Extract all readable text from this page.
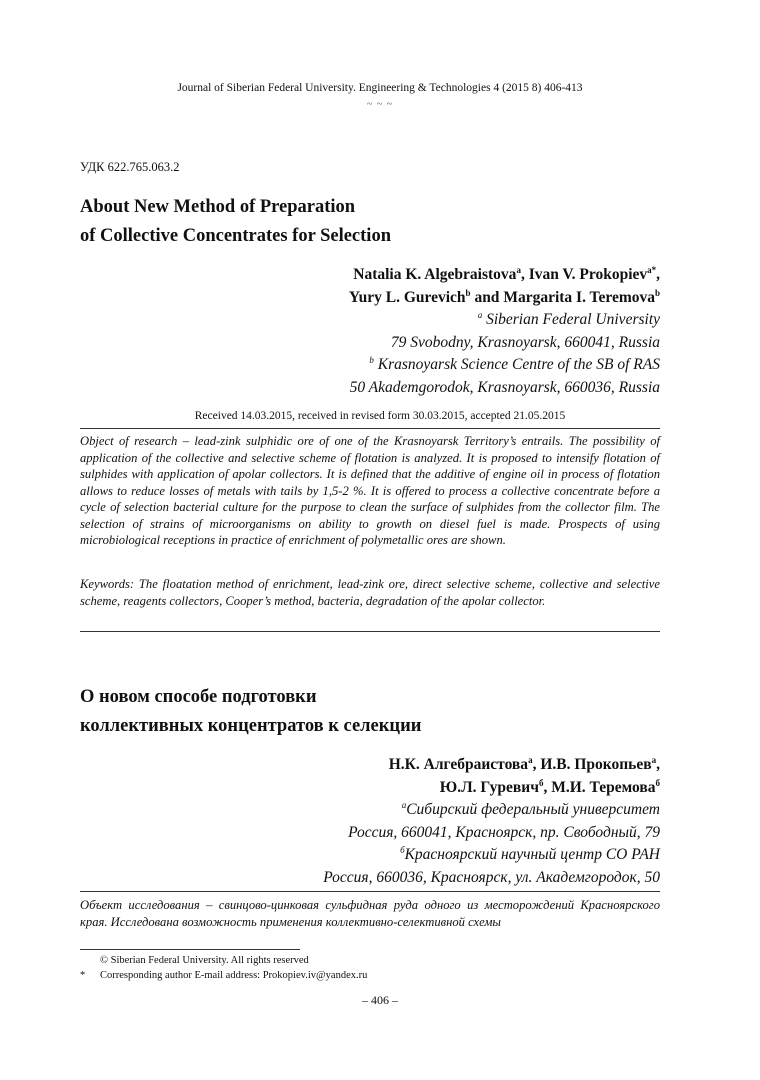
Journal of Siberian Federal University. Engineering & Technologies 4 (2015 8) 406-413
~ ~ ~
УДК 622.765.063.2
About New Method of Preparation
of Collective Concentrates for Selection
Natalia K. Algebraistova$^a$, Ivan V. Prokopiev$^{a*}$,
Yury L. Gurevich$^b$ and Margarita I. Teremova$^b$
$^a$ Siberian Federal University
79 Svobodny, Krasnoyarsk, 660041, Russia
$^b$ Krasnoyarsk Science Centre of the SB of RAS
50 Akademgorodok, Krasnoyarsk, 660036, Russia
Received 14.03.2015, received in revised form 30.03.2015, accepted 21.05.2015

Object of research – lead-zink sulphidic ore of one of the Krasnoyarsk Territory’s entrails. The possibility of application of the collective and selective scheme of flotation is analyzed. It is proposed to intensify flotation of sulphides with application of apolar collectors. It is defined that the additive of engine oil in process of flotation allows to reduce losses of metals with tails by 1,5-2 %. It is offered to process a collective concentrate before a cycle of selection bacterial culture for the purpose to clean the surface of sulphides from the collector film. The selection of strains of microorganisms on ability to growth on diesel fuel is made. Prospects of using microbiological receptions in practice of enrichment of polymetallic ores are shown.

Keywords: The floatation method of enrichment, lead-zink ore, direct selective scheme, collective and selective scheme, reagents collectors, Cooper’s method, bacteria, degradation of the apolar collector.

О новом способе подготовки
коллективных концентратов к селекции
Н.К. Алгебраистова$^а$, И.В. Прокопьев$^а$,
Ю.Л. Гуревич$^б$, М.И. Теремова$^б$
$^а$Сибирский федеральный университет
Россия, 660041, Красноярск, пр. Свободный, 79
$^б$Красноярский научный центр СО РАН
Россия, 660036, Красноярск, ул. Академгородок, 50

Объект исследования – свинцово-цинковая сульфидная руда одного из месторождений Красноярского края. Исследована возможность применения коллективно-селективной схемы

© Siberian Federal University. All rights reserved
*	Corresponding author E-mail address: Prokopiev.iv@yandex.ru
– 406 –
